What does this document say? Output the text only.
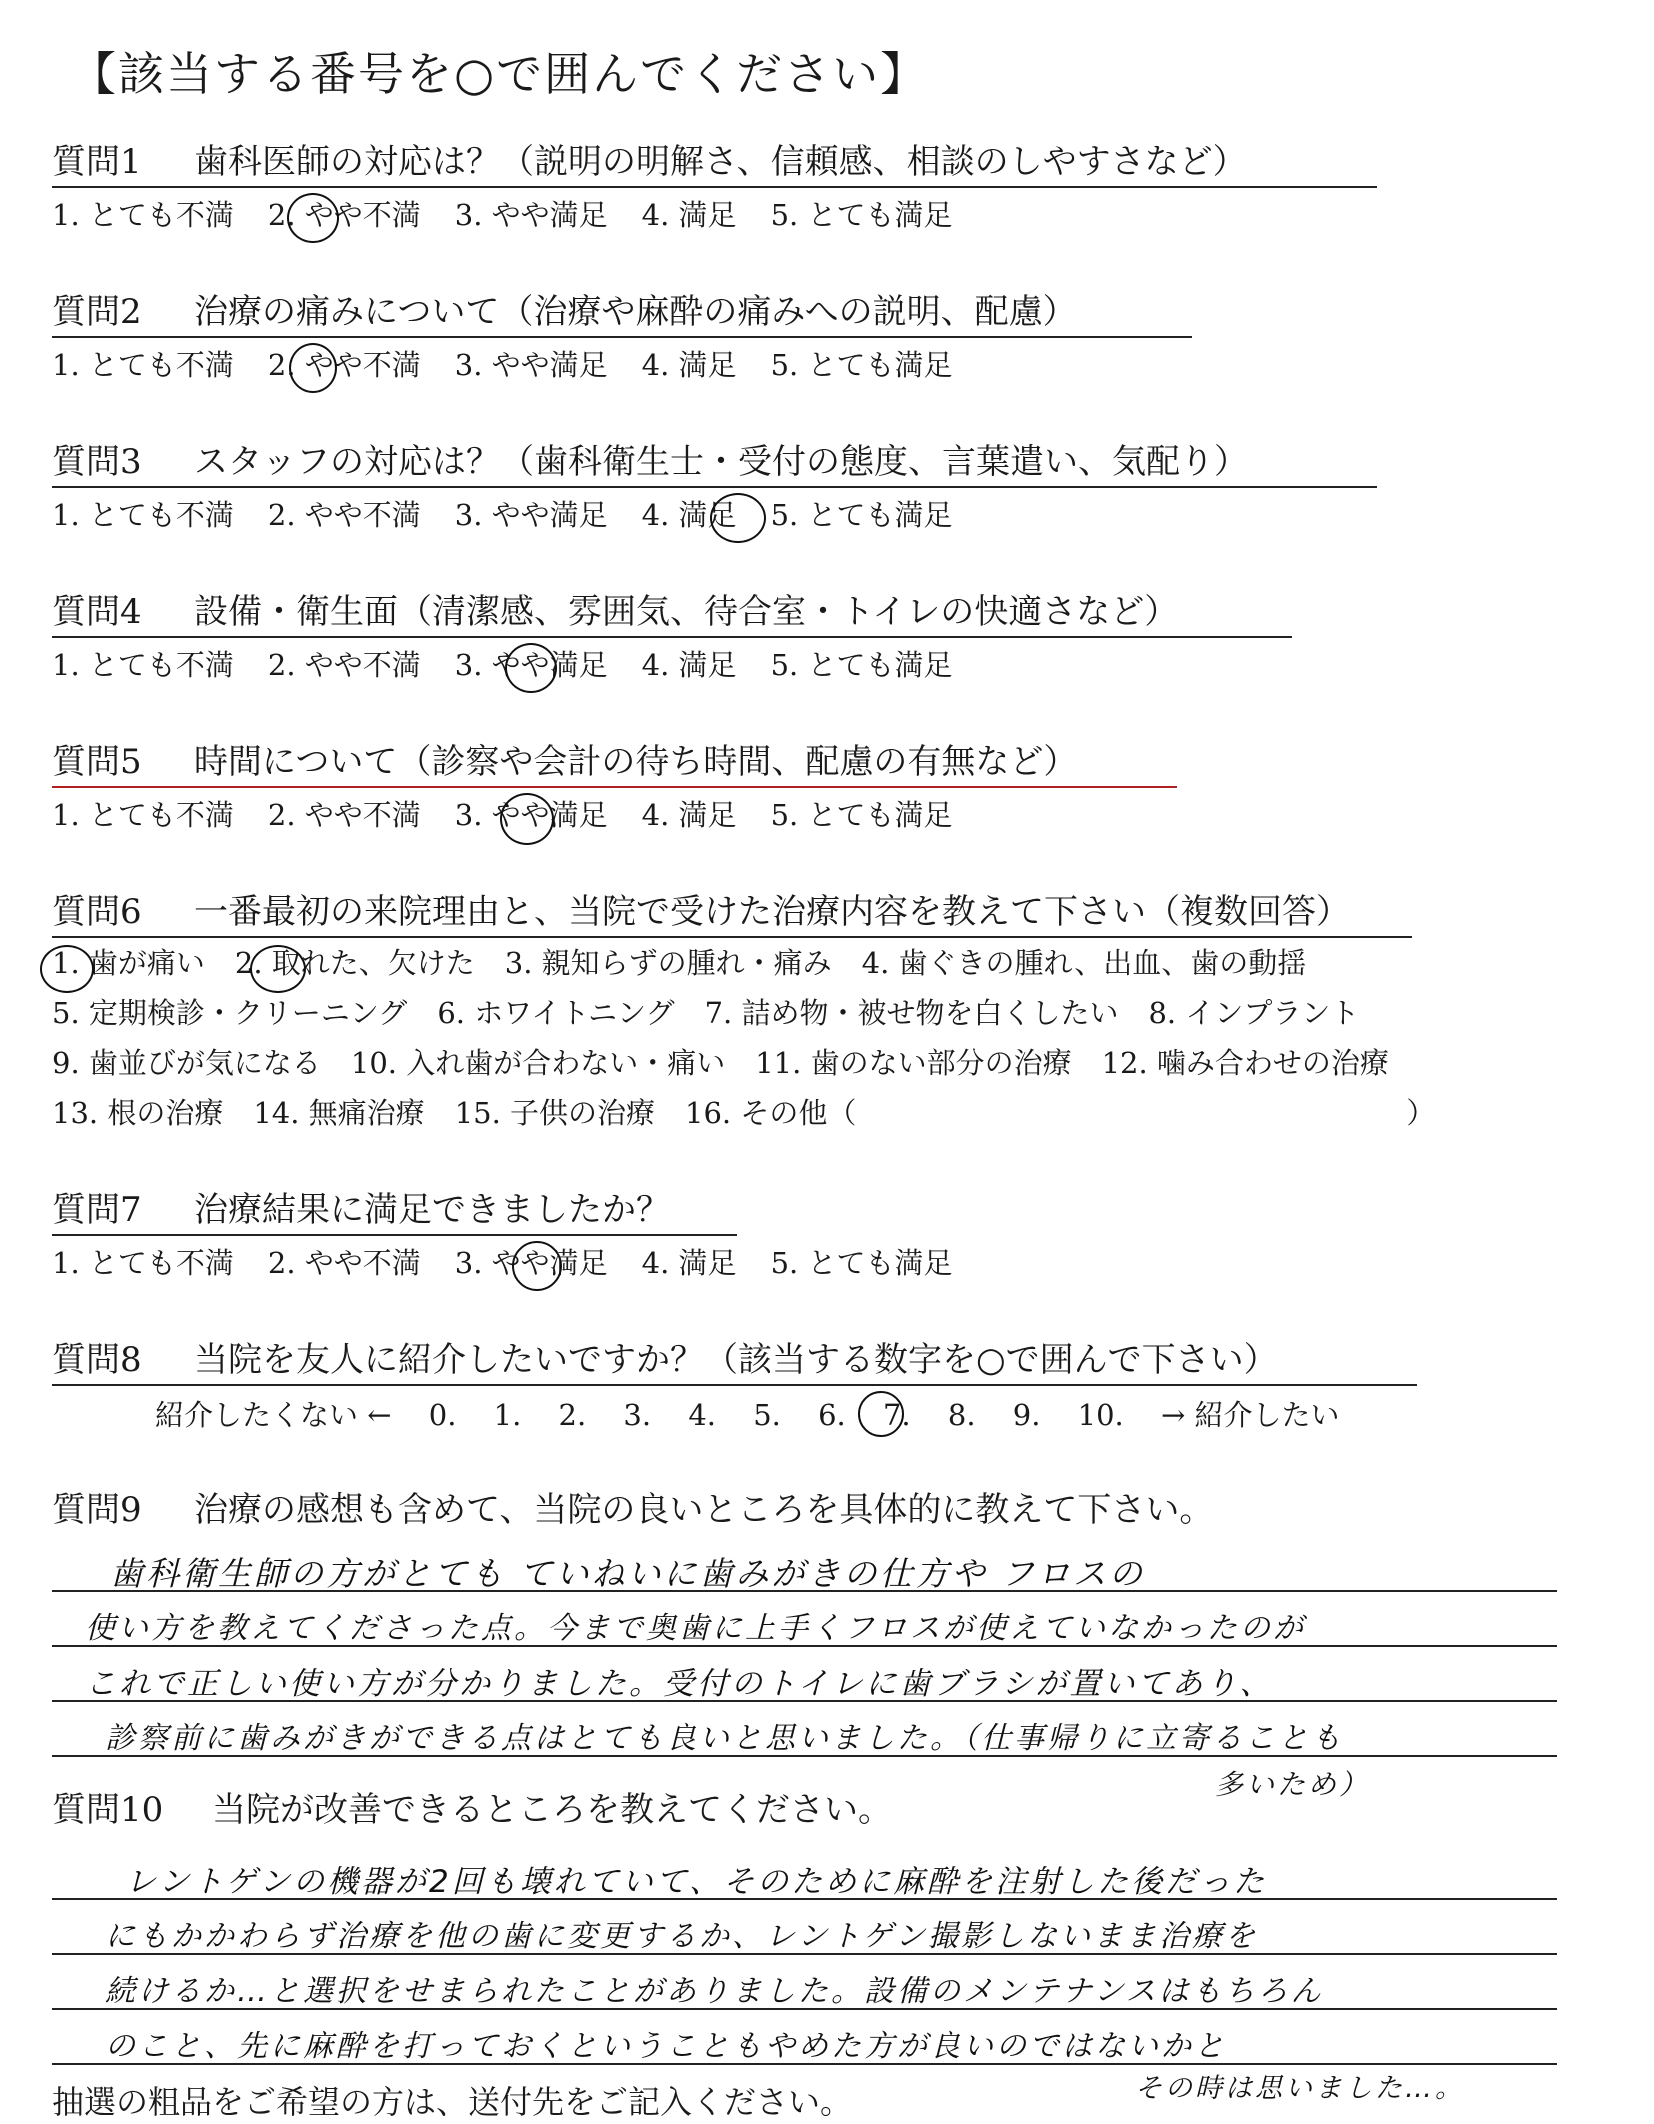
【該当する番号を○で囲んでください】
質問1 歯科医師の対応は？（説明の明解さ、信頼感、相談のしやすさなど）
1. とても不満 2. やや不満 3. やや満足 4. 満足 5. とても満足
質問2 治療の痛みについて（治療や麻酔の痛みへの説明、配慮）
1. とても不満 2. やや不満 3. やや満足 4. 満足 5. とても満足
質問3 スタッフの対応は？（歯科衛生士・受付の態度、言葉遣い、気配り）
1. とても不満 2. やや不満 3. やや満足 4. 満足 5. とても満足
質問4 設備・衛生面（清潔感、雰囲気、待合室・トイレの快適さなど）
1. とても不満 2. やや不満 3. やや満足 4. 満足 5. とても満足
質問5 時間について（診察や会計の待ち時間、配慮の有無など）
1. とても不満 2. やや不満 3. やや満足 4. 満足 5. とても満足
質問6 一番最初の来院理由と、当院で受けた治療内容を教えて下さい（複数回答）
1. 歯が痛い 2. 取れた、欠けた 3. 親知らずの腫れ・痛み 4. 歯ぐきの腫れ、出血、歯の動揺
5. 定期検診・クリーニング 6. ホワイトニング 7. 詰め物・被せ物を白くしたい 8. インプラント
9. 歯並びが気になる 10. 入れ歯が合わない・痛い 11. 歯のない部分の治療 12. 噛み合わせの治療
13. 根の治療 14. 無痛治療 15. 子供の治療 16. その他（	）
質問7 治療結果に満足できましたか？
1. とても不満 2. やや不満 3. やや満足 4. 満足 5. とても満足
質問8 当院を友人に紹介したいですか？（該当する数字を○で囲んで下さい）
紹介したくない ← 0. 1. 2. 3. 4. 5. 6. 7. 8. 9. 10. → 紹介したい
質問9 治療の感想も含めて、当院の良いところを具体的に教えて下さい。
歯科衛生師の方がとても ていねいに歯みがきの仕方や フロスの
使い方を教えてくださった点。今まで奥歯に上手くフロスが使えていなかったのが
これで正しい使い方が分かりました。受付のトイレに歯ブラシが置いてあり、
診察前に歯みがきができる点はとても良いと思いました。（仕事帰りに立寄ることも
多いため）
質問10 当院が改善できるところを教えてください。
レントゲンの機器が2回も壊れていて、そのために麻酔を注射した後だった
にもかかわらず治療を他の歯に変更するか、レントゲン撮影しないまま治療を
続けるか…と選択をせまられたことがありました。設備のメンテナンスはもちろん
のこと、先に麻酔を打っておくということもやめた方が良いのではないかと
その時は思いました…。
抽選の粗品をご希望の方は、送付先をご記入ください。
